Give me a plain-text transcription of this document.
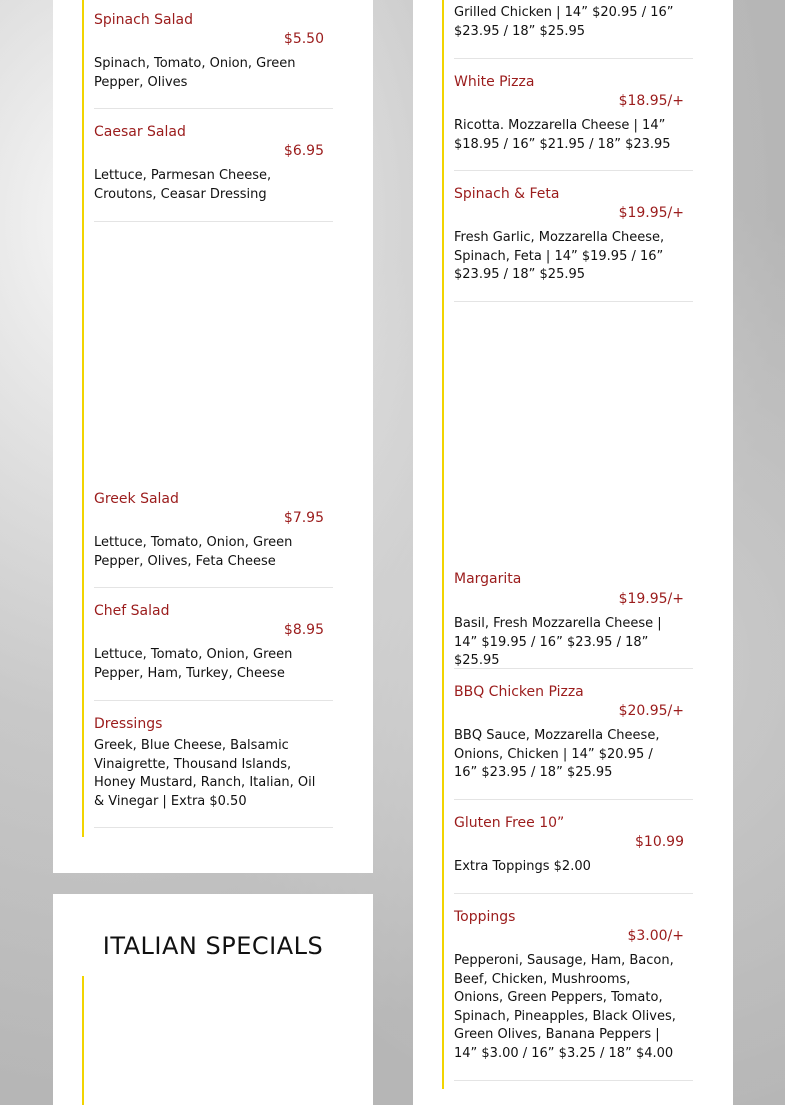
Spinach Salad
$5.50
Spinach, Tomato, Onion, Green Pepper, Olives
Caesar Salad
$6.95
Lettuce, Parmesan Cheese, Croutons, Ceasar Dressing
Greek Salad
$7.95
Lettuce, Tomato, Onion, Green Pepper, Olives, Feta Cheese
Chef Salad
$8.95
Lettuce, Tomato, Onion, Green Pepper, Ham, Turkey, Cheese
Dressings
Greek, Blue Cheese, Balsamic Vinaigrette, Thousand Islands, Honey Mustard, Ranch, Italian, Oil & Vinegar | Extra $0.50
ITALIAN SPECIALS
Grilled Chicken | 14” $20.95 / 16” $23.95 / 18” $25.95
White Pizza
$18.95/+
Ricotta. Mozzarella Cheese | 14” $18.95 / 16” $21.95 / 18” $23.95
Spinach & Feta
$19.95/+
Fresh Garlic, Mozzarella Cheese, Spinach, Feta | 14” $19.95 / 16” $23.95 / 18” $25.95
Margarita
$19.95/+
Basil, Fresh Mozzarella Cheese | 14” $19.95 / 16” $23.95 / 18” $25.95
BBQ Chicken Pizza
$20.95/+
BBQ Sauce, Mozzarella Cheese, Onions, Chicken | 14” $20.95 / 16” $23.95 / 18” $25.95
Gluten Free 10”
$10.99
Extra Toppings $2.00
Toppings
$3.00/+
Pepperoni, Sausage, Ham, Bacon, Beef, Chicken, Mushrooms, Onions, Green Peppers, Tomato, Spinach, Pineapples, Black Olives, Green Olives, Banana Peppers | 14” $3.00 / 16” $3.25 / 18” $4.00
